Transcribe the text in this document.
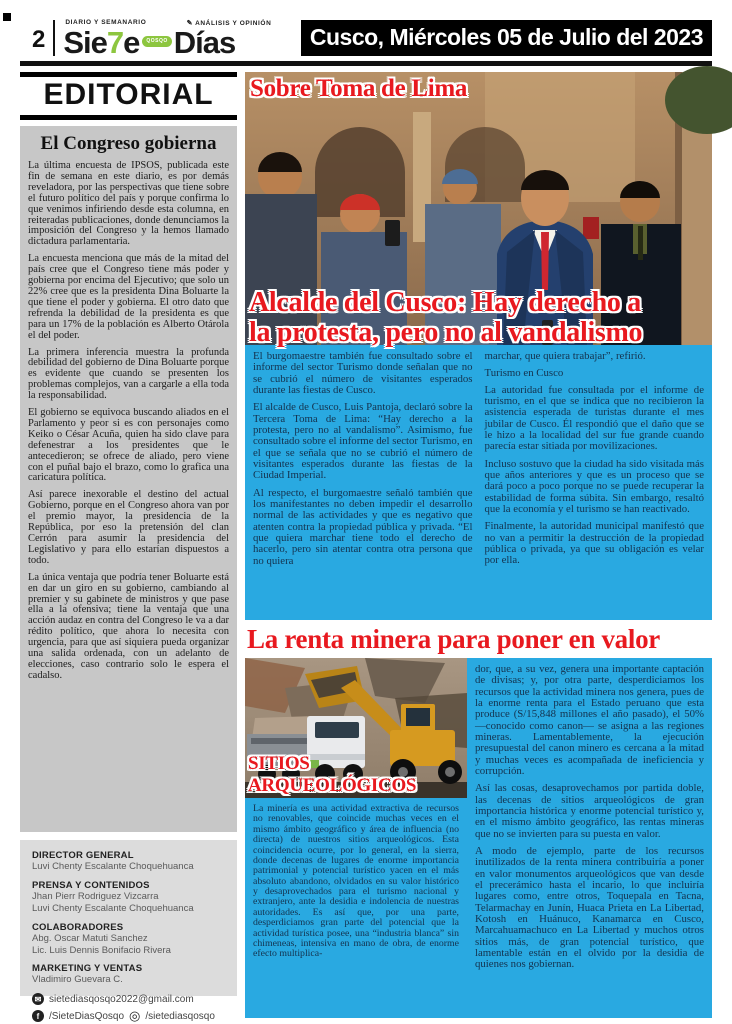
2
DIARIO Y SEMANARIO	✎ ANÁLISIS Y OPINIÓN
Sie7e	QOSQO Días	Cusco, Miércoles 05 de Julio del 2023
EDITORIAL
El Congreso gobierna

La última encuesta de IPSOS, publicada este fin de semana en este diario, es por demás reveladora, por las perspectivas que tiene sobre el futuro político del país y porque confirma lo que venimos infiriendo desde esta columna, en reiteradas publicaciones, donde denunciamos la imposición del Congreso y la hemos llamado dictadura parlamentaria.

La encuesta menciona que más de la mitad del país cree que el Congreso tiene más poder y gobierna por encima del Ejecutivo; que solo un 22% cree que es la presidenta Dina Boluarte la que tiene el poder y gobierna. El otro dato que refrenda la debilidad de la presidenta es que para un 17% de la población es Alberto Otárola el del poder.

La primera inferencia muestra la profunda debilidad del gobierno de Dina Boluarte porque es evidente que cuando se presenten los problemas complejos, van a cargarle a ella toda la responsabilidad.

El gobierno se equivoca buscando aliados en el Parlamento y peor si es con personajes como Keiko o César Acuña, quien ha sido clave para defenestrar a los presidentes que le antecedieron; se ofrece de aliado, pero viene con el puñal bajo el brazo, como lo grafica una caricatura política.

Así parece inexorable el destino del actual Gobierno, porque en el Congreso ahora van por el premio mayor, la presidencia de la República, por eso la pretensión del clan Cerrón para asumir la presidencia del Legislativo y para ello estarían dispuestos a todo.

La única ventaja que podría tener Boluarte está en dar un giro en su gobierno, cambiando al premier y su gabinete de ministros y que pase ella a la ofensiva; tiene la ventaja que una acción audaz en contra del Congreso le va a dar rédito político, que ahora lo necesita con urgencia, para que así siquiera pueda organizar una salida ordenada, con un adelanto de elecciones, caso contrario solo le espera el cadalso.

DIRECTOR GENERAL
Luvi Chenty Escalante Choquehuanca
PRENSA Y CONTENIDOS
Jhan Pierr Rodriguez Vizcarra
Luvi Chenty Escalante Choquehuanca
COLABORADORES
Abg. Oscar Matuti Sanchez
Lic. Luis Dennis Bonifacio Rivera
MARKETING Y VENTAS
Vladimiro Guevara C.
✉ sietediasqosqo2022@gmail.com
f /SieteDiasQosqo ◎ /sietediasqosqo
Sobre Toma de Lima
Alcalde del Cusco: Hay derecho a
la protesta, pero no al vandalismo

El burgomaestre también fue consultado sobre el informe del sector Turismo donde señalan que no se cubrió el número de visitantes esperados durante las fiestas de Cusco.

El alcalde de Cusco, Luis Pantoja, declaró sobre la Tercera Toma de Lima: “Hay derecho a la protesta, pero no al vandalismo”. Asimismo, fue consultado sobre el informe del sector Turismo, en el que se señala que no se cubrió el número de visitantes esperados durante las fiestas de la Ciudad Imperial.

Al respecto, el burgomaestre señaló también que los manifestantes no deben impedir el desarrollo normal de las actividades y que es negativo que atenten contra la propiedad pública y privada. “El que quiera marchar tiene todo el derecho de hacerlo, pero sin atentar contra otra persona que no quiera

marchar, que quiera trabajar”, refirió.

Turismo en Cusco

La autoridad fue consultada por el informe de turismo, en el que se indica que no recibieron la asistencia esperada de turistas durante el mes jubilar de Cusco. Él respondió que el daño que se le hizo a la localidad del sur fue grande cuando parecía estar sitiada por movilizaciones.

Incluso sostuvo que la ciudad ha sido visitada más que años anteriores y que es un proceso que se dará poco a poco porque no se puede recuperar la estabilidad de forma súbita. Sin embargo, resaltó que la economía y el turismo se han reactivado.

Finalmente, la autoridad municipal manifestó que no van a permitir la destrucción de la propiedad pública o privada, ya que su obligación es velar por ella.

La renta minera para poner en valor
SITIOS ARQUEOLÓGICOS

La minería es una actividad extractiva de recursos no renovables, que coincide muchas veces en el mismo ámbito geográfico y área de influencia (no directa) de nuestros sitios arqueológicos. Esta coincidencia ocurre, por lo general, en la sierra, donde decenas de lugares de enorme importancia patrimonial y potencial turístico yacen en el más absoluto abandono, olvidados en su valor histórico y desaprovechados para el turismo nacional y extranjero, ante la desidia e indolencia de nuestras autoridades. Es así que, por una parte, desperdiciamos gran parte del potencial que la actividad turística posee, una “industria blanca” sin chimeneas, intensiva en mano de obra, de enorme efecto multiplica-

dor, que, a su vez, genera una importante captación de divisas; y, por otra parte, desperdiciamos los recursos que la actividad minera nos genera, pues de la enorme renta para el Estado peruano que esta produce (S/15,848 millones el año pasado), el 50% —conocido como canon— se asigna a las regiones mineras. Lamentablemente, la ejecución presupuestal del canon minero es cercana a la mitad y muchas veces es acompañada de ineficiencia y corrupción.

Así las cosas, desaprovechamos por partida doble, las decenas de sitios arqueológicos de gran importancia histórica y enorme potencial turístico y, en el mismo ámbito geográfico, las rentas mineras que no se invierten para su puesta en valor.

A modo de ejemplo, parte de los recursos inutilizados de la renta minera contribuiría a poner en valor monumentos arqueológicos que van desde el precerámico hasta el incario, lo que incluiría lugares como, entre otros, Toquepala en Tacna, Telarmachay en Junín, Huaca Prieta en La Libertad, Kotosh en Huánuco, Kanamarca en Cusco, Marcahuamachuco en La Libertad y muchos otros sitios más, de gran potencial turístico, que lamentable están en el olvido por la desidia de quienes nos gobiernan.
